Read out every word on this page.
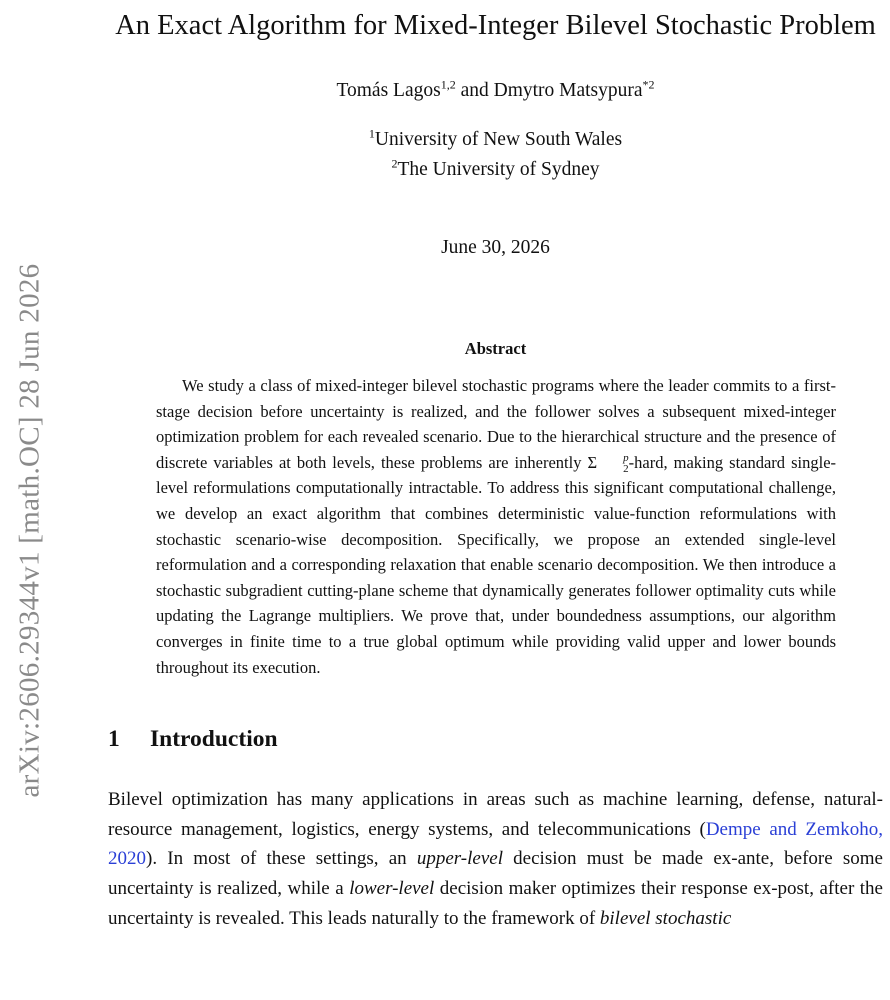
arXiv:2606.29344v1 [math.OC] 28 Jun 2026
An Exact Algorithm for Mixed-Integer Bilevel Stochastic Problem
Tomás Lagos$^{1,2}$ and Dmytro Matsypura$^{*2}$
$^1$University of New South Wales
$^2$The University of Sydney
June 30, 2026
Abstract

We study a class of mixed-integer bilevel stochastic programs where the leader commits to a first-stage decision before uncertainty is realized, and the follower solves a subsequent mixed-integer optimization problem for each revealed scenario. Due to the hierarchical structure and the presence of discrete variables at both levels, these problems are inherently Σ	p
2 -hard, making standard single-level reformulations computationally intractable. To address this significant computational challenge, we develop an exact algorithm that combines deterministic value-function reformulations with stochastic scenario-wise decomposition. Specifically, we propose an extended single-level reformulation and a corresponding relaxation that enable scenario decomposition. We then introduce a stochastic subgradient cutting-plane scheme that dynamically generates follower optimality cuts while updating the Lagrange multipliers. We prove that, under boundedness assumptions, our algorithm converges in finite time to a true global optimum while providing valid upper and lower bounds throughout its execution.

1	Introduction

Bilevel optimization has many applications in areas such as machine learning, defense, natural-resource management, logistics, energy systems, and telecommunications (Dempe and Zemkoho, 2020). In most of these settings, an upper-level decision must be made ex-ante, before some uncertainty is realized, while a lower-level decision maker optimizes their response ex-post, after the uncertainty is revealed. This leads naturally to the framework of bilevel stochastic
